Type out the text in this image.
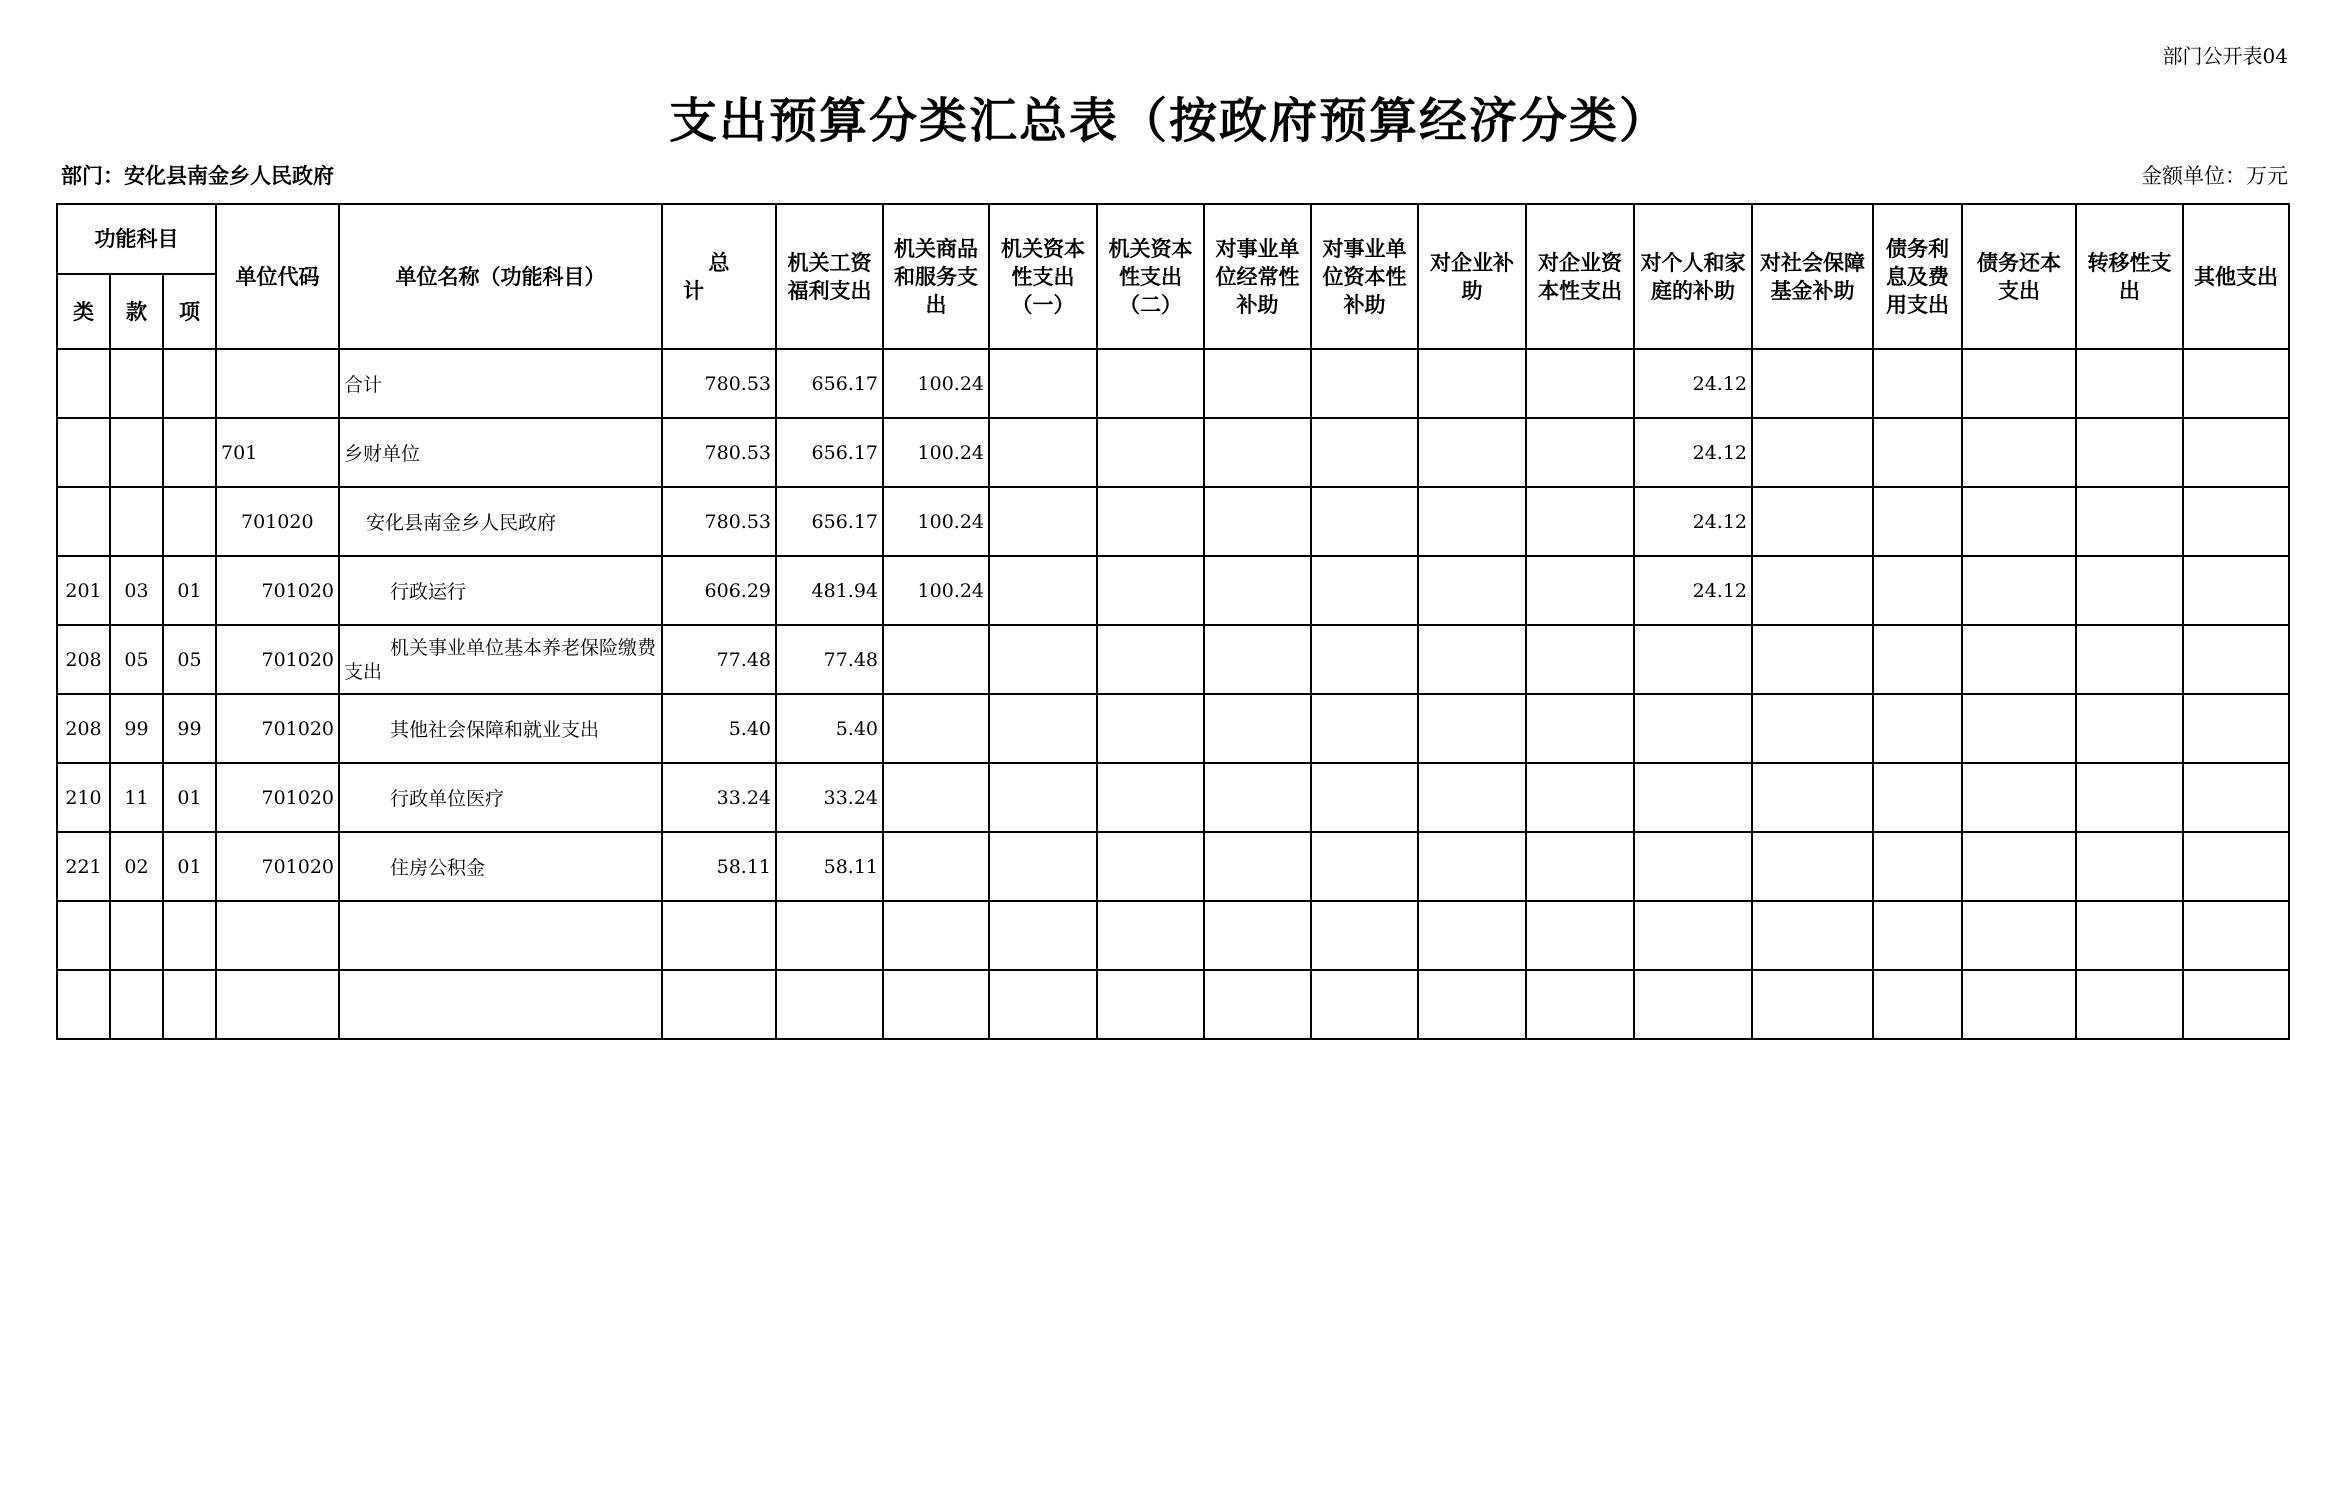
部门公开表04
支出预算分类汇总表（按政府预算经济分类）
部门：安化县南金乡人民政府	金额单位：万元
功能科目			单位代码	单位名称（功能科目）	总　　计	机关工资福利支出	机关商品和服务支出	机关资本性支出（一）	机关资本性支出（二）	对事业单位经常性补助	对事业单位资本性补助	对企业补助	对企业资本性支出	对个人和家庭的补助	对社会保障基金补助	债务利息及费用支出	债务还本支出	转移性支出	其他支出
类	款	项																	
				合计	780.53	656.17	100.24							24.12					
			701	乡财单位	780.53	656.17	100.24							24.12					
			701020	安化县南金乡人民政府	780.53	656.17	100.24							24.12					
201	03	01	701020	行政运行	606.29	481.94	100.24							24.12					
208	05	05	701020	机关事业单位基本养老保险缴费支出	77.48	77.48													
208	99	99	701020	其他社会保障和就业支出	5.40	5.40													
210	11	01	701020	行政单位医疗	33.24	33.24													
221	02	01	701020	住房公积金	58.11	58.11													
